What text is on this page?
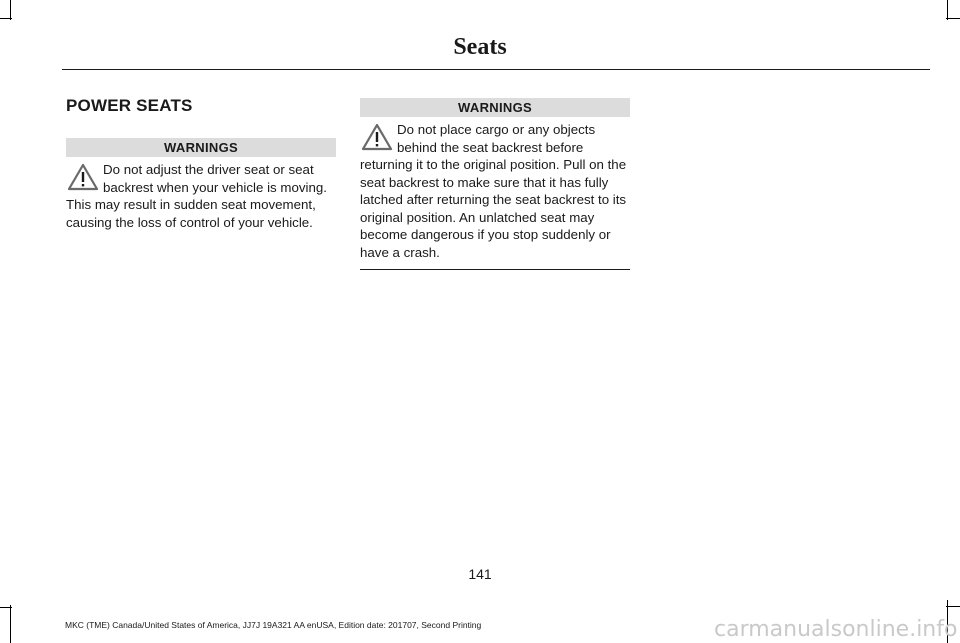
Seats
POWER SEATS
WARNINGS
Do not adjust the driver seat or seat backrest when your vehicle is moving. This may result in sudden seat movement, causing the loss of control of your vehicle.
WARNINGS
Do not place cargo or any objects behind the seat backrest before returning it to the original position. Pull on the seat backrest to make sure that it has fully latched after returning the seat backrest to its original position. An unlatched seat may become dangerous if you stop suddenly or have a crash.
141
MKC (TME) Canada/United States of America, JJ7J 19A321 AA enUSA, Edition date: 201707, Second Printing	carmanualsonline.info
